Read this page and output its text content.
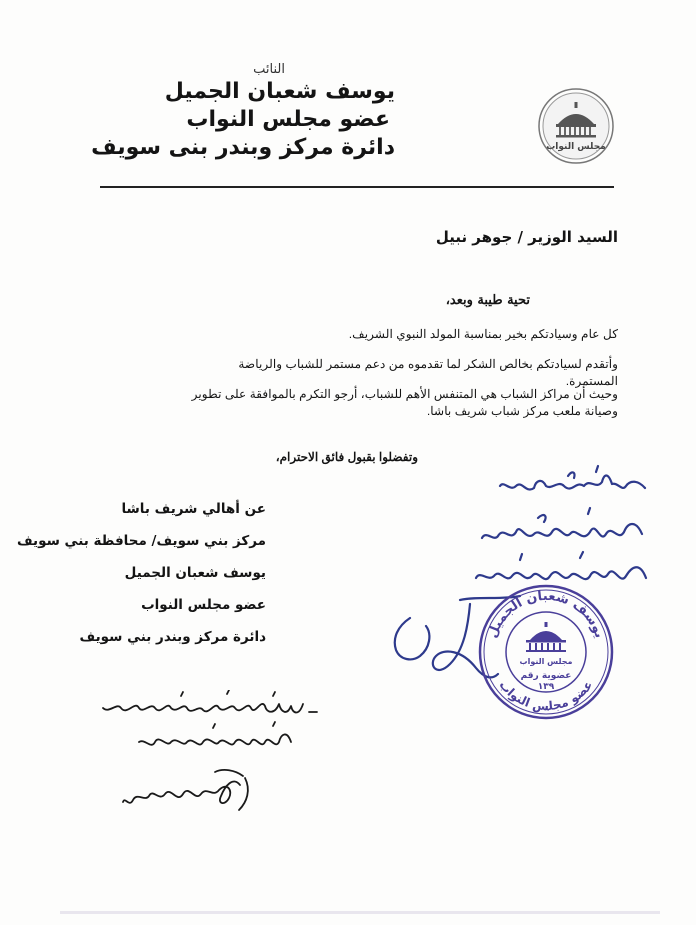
النائب
يوسف شعبان الجميل
عضو مجلس النواب
دائرة مركز وبندر بنى سويف	مجلس النواب
السيد الوزير / جوهر نبيل
تحية طيبة وبعد،
كل عام وسيادتكم بخير بمناسبة المولد النبوي الشريف.
وأتقدم لسيادتكم بخالص الشكر لما تقدموه من دعم مستمر للشباب والرياضة المستمرة.
وحيث أن مراكز الشباب هي المتنفس الأهم للشباب، أرجو التكرم بالموافقة على تطوير وصيانة ملعب مركز شباب شريف باشا.
وتفضلوا بقبول فائق الاحترام،
عن أهالي شريف باشا
مركز بني سويف/ محافظة بني سويف
يوسف شعبان الجميل
عضو مجلس النواب
دائرة مركز وبندر بني سويف	يوسف شعبان الجميل
عضو مجلس النواب
مجلس النواب
عضوية رقم
١٣٩
